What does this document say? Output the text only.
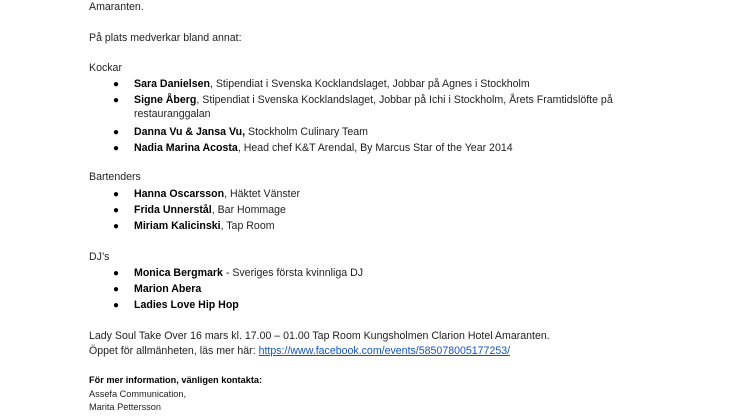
Amaranten.
På plats medverkar bland annat:
Kockar
● Sara Danielsen, Stipendiat i Svenska Kocklandslaget, Jobbar på Agnes i Stockholm
● Signe Åberg, Stipendiat i Svenska Kocklandslaget, Jobbar på Ichi i Stockholm, Årets Framtidslöfte på
restauranggalan
● Danna Vu & Jansa Vu, Stockholm Culinary Team
● Nadia Marina Acosta, Head chef K&T Arendal, By Marcus Star of the Year 2014
Bartenders
● Hanna Oscarsson, Häktet Vänster
● Frida Unnerstål, Bar Hommage
● Miriam Kalicinski, Tap Room
DJ’s
● Monica Bergmark - Sveriges första kvinnliga DJ
● Marion Abera
● Ladies Love Hip Hop
Lady Soul Take Over 16 mars kl. 17.00 – 01.00 Tap Room Kungsholmen Clarion Hotel Amaranten.
Öppet för allmänheten, läs mer här: https://www.facebook.com/events/585078005177253/
För mer information, vänligen kontakta:
Assefa Communication,
Marita Pettersson
